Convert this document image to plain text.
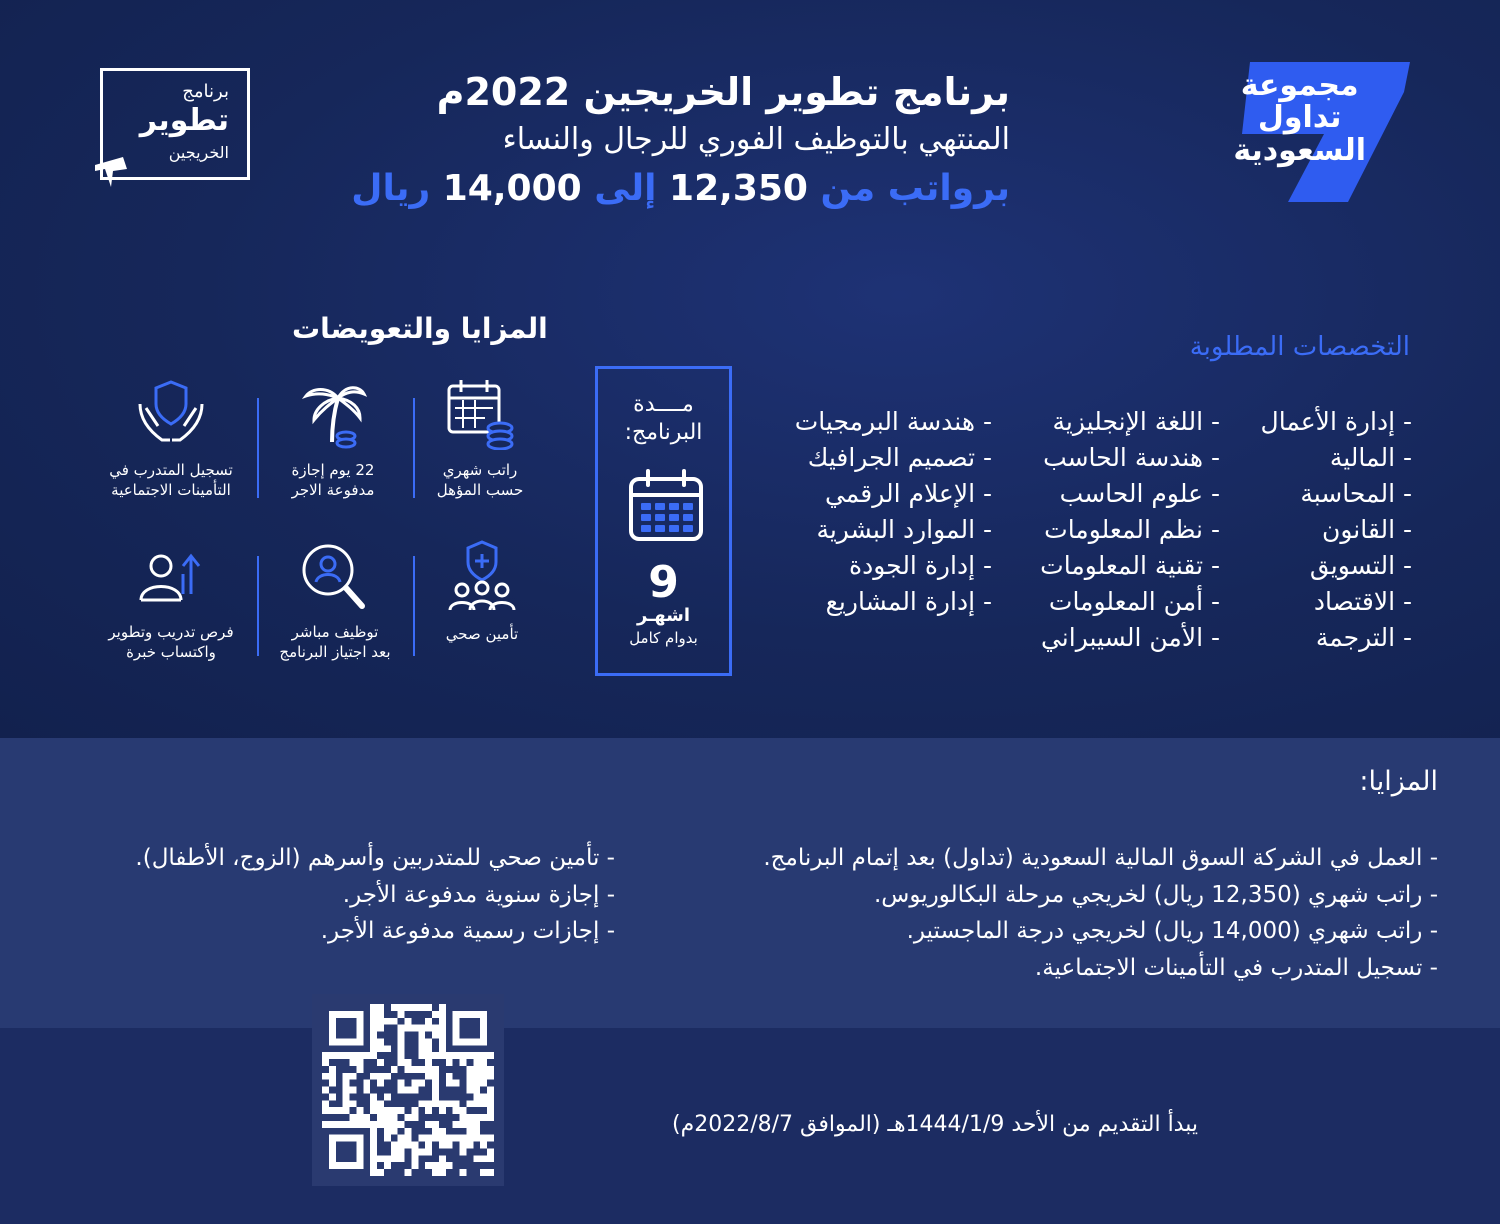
برنامج
تطوير
الخريجين
برنامج تطوير الخريجين 2022م
المنتهي بالتوظيف الفوري للرجال والنساء
برواتب من 12,350 إلى 14,000 ريال
مجموعة
تداول
السعودية
التخصصات المطلوبة
- إدارة الأعمال
- المالية
- المحاسبة
- القانون
- التسويق
- الاقتصاد
- الترجمة
- اللغة الإنجليزية
- هندسة الحاسب
- علوم الحاسب
- نظم المعلومات
- تقنية المعلومات
- أمن المعلومات
- الأمن السيبراني
- هندسة البرمجيات
- تصميم الجرافيك
- الإعلام الرقمي
- الموارد البشرية
- إدارة الجودة
- إدارة المشاريع
مــــدة
البرنامج:
9
اشهـر
بدوام كامل
المزايا والتعويضات
راتب شهري
حسب المؤهل
22 يوم إجازة
مدفوعة الاجر
تسجيل المتدرب في
التأمينات الاجتماعية
تأمين صحي
توظيف مباشر
بعد اجتياز البرنامج
فرص تدريب وتطوير
واكتساب خبرة
المزايا:
- العمل في الشركة السوق المالية السعودية (تداول) بعد إتمام البرنامج.
- راتب شهري (12,350 ريال) لخريجي مرحلة البكالوريوس.
- راتب شهري (14,000 ريال) لخريجي درجة الماجستير.
- تسجيل المتدرب في التأمينات الاجتماعية.
- تأمين صحي للمتدربين وأسرهم (الزوج، الأطفال).
- إجازة سنوية مدفوعة الأجر.
- إجازات رسمية مدفوعة الأجر.
يبدأ التقديم من الأحد 1444/1/9هـ (الموافق 2022/8/7م)
